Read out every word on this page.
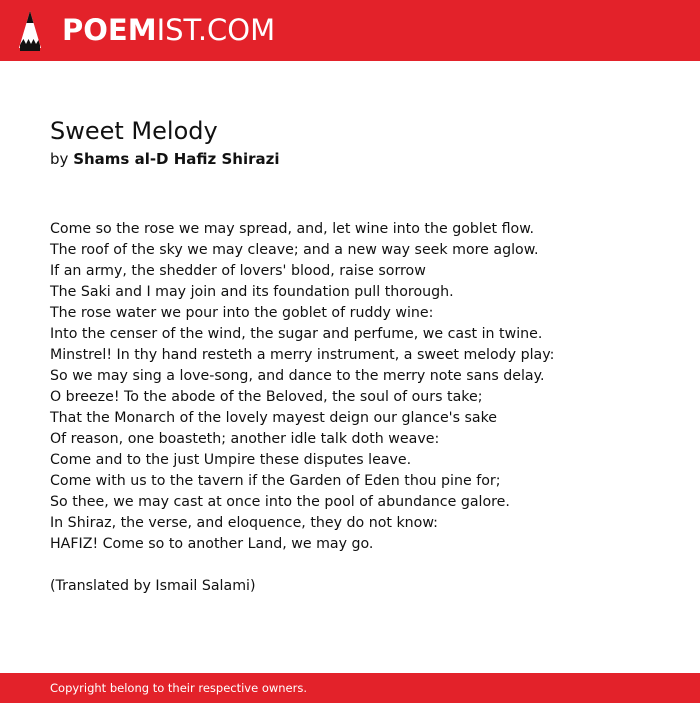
POEMIST.COM
Sweet Melody
by Shams al-D Hafiz Shirazi
Come so the rose we may spread, and, let wine into the goblet flow.
The roof of the sky we may cleave; and a new way seek more aglow.
If an army, the shedder of lovers' blood, raise sorrow
The Saki and I may join and its foundation pull thorough.
The rose water we pour into the goblet of ruddy wine:
Into the censer of the wind, the sugar and perfume, we cast in twine.
Minstrel! In thy hand resteth a merry instrument, a sweet melody play:
So we may sing a love-song, and dance to the merry note sans delay.
O breeze! To the abode of the Beloved, the soul of ours take;
That the Monarch of the lovely mayest deign our glance's sake
Of reason, one boasteth; another idle talk doth weave:
Come and to the just Umpire these disputes leave.
Come with us to the tavern if the Garden of Eden thou pine for;
So thee, we may cast at once into the pool of abundance galore.
In Shiraz, the verse, and eloquence, they do not know:
HAFIZ! Come so to another Land, we may go.
(Translated by Ismail Salami)
Copyright belong to their respective owners.
